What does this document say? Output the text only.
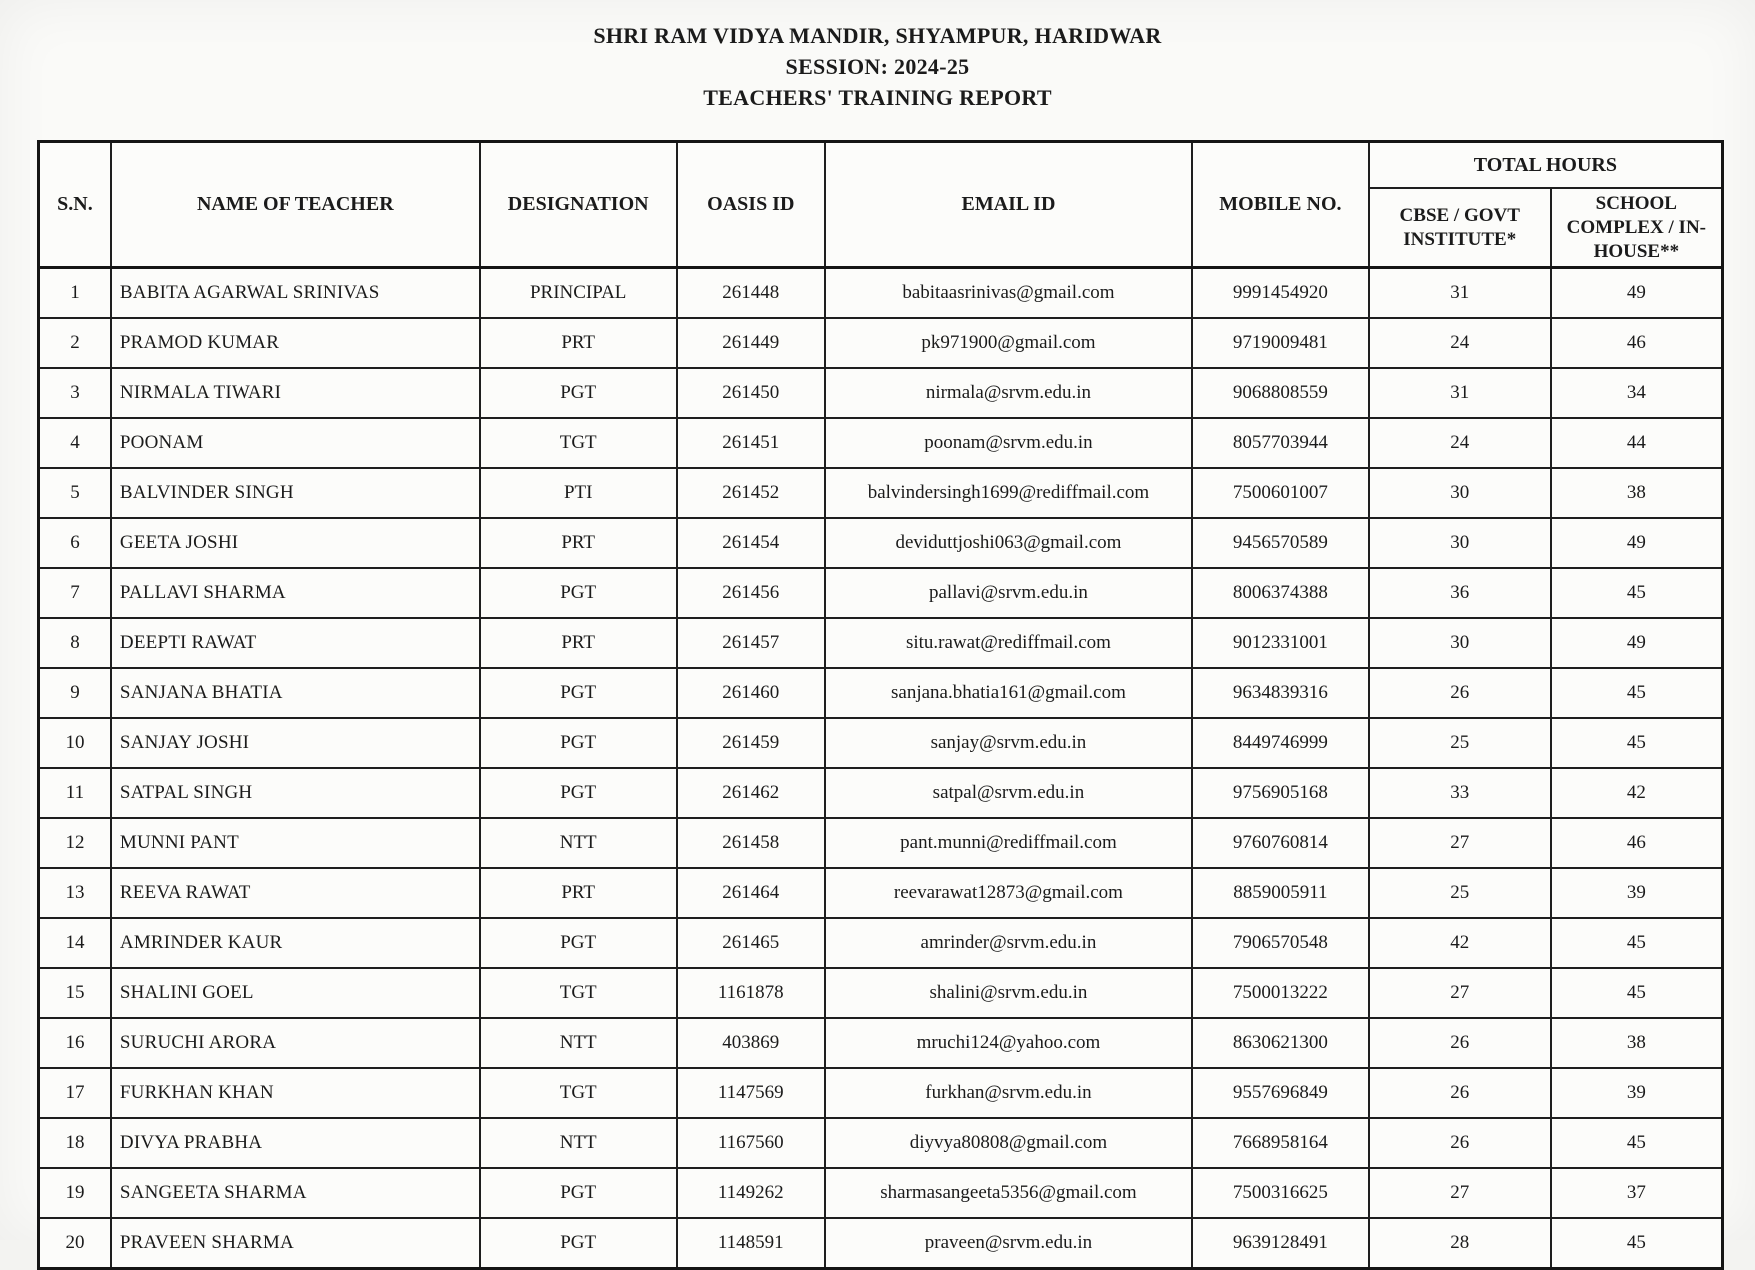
SHRI RAM VIDYA MANDIR, SHYAMPUR, HARIDWAR
SESSION: 2024-25
TEACHERS' TRAINING REPORT
S.N.	NAME OF TEACHER	DESIGNATION	OASIS ID	EMAIL ID	MOBILE NO.	TOTAL HOURS	
						CBSE / GOVT INSTITUTE*	SCHOOL COMPLEX / IN-HOUSE**
1	BABITA AGARWAL SRINIVAS	PRINCIPAL	261448	babitaasrinivas@gmail.com	9991454920	31	49
2	PRAMOD KUMAR	PRT	261449	pk971900@gmail.com	9719009481	24	46
3	NIRMALA TIWARI	PGT	261450	nirmala@srvm.edu.in	9068808559	31	34
4	POONAM	TGT	261451	poonam@srvm.edu.in	8057703944	24	44
5	BALVINDER SINGH	PTI	261452	balvindersingh1699@rediffmail.com	7500601007	30	38
6	GEETA JOSHI	PRT	261454	deviduttjoshi063@gmail.com	9456570589	30	49
7	PALLAVI SHARMA	PGT	261456	pallavi@srvm.edu.in	8006374388	36	45
8	DEEPTI RAWAT	PRT	261457	situ.rawat@rediffmail.com	9012331001	30	49
9	SANJANA BHATIA	PGT	261460	sanjana.bhatia161@gmail.com	9634839316	26	45
10	SANJAY JOSHI	PGT	261459	sanjay@srvm.edu.in	8449746999	25	45
11	SATPAL SINGH	PGT	261462	satpal@srvm.edu.in	9756905168	33	42
12	MUNNI PANT	NTT	261458	pant.munni@rediffmail.com	9760760814	27	46
13	REEVA RAWAT	PRT	261464	reevarawat12873@gmail.com	8859005911	25	39
14	AMRINDER KAUR	PGT	261465	amrinder@srvm.edu.in	7906570548	42	45
15	SHALINI GOEL	TGT	1161878	shalini@srvm.edu.in	7500013222	27	45
16	SURUCHI ARORA	NTT	403869	mruchi124@yahoo.com	8630621300	26	38
17	FURKHAN KHAN	TGT	1147569	furkhan@srvm.edu.in	9557696849	26	39
18	DIVYA PRABHA	NTT	1167560	diyvya80808@gmail.com	7668958164	26	45
19	SANGEETA SHARMA	PGT	1149262	sharmasangeeta5356@gmail.com	7500316625	27	37
20	PRAVEEN SHARMA	PGT	1148591	praveen@srvm.edu.in	9639128491	28	45
